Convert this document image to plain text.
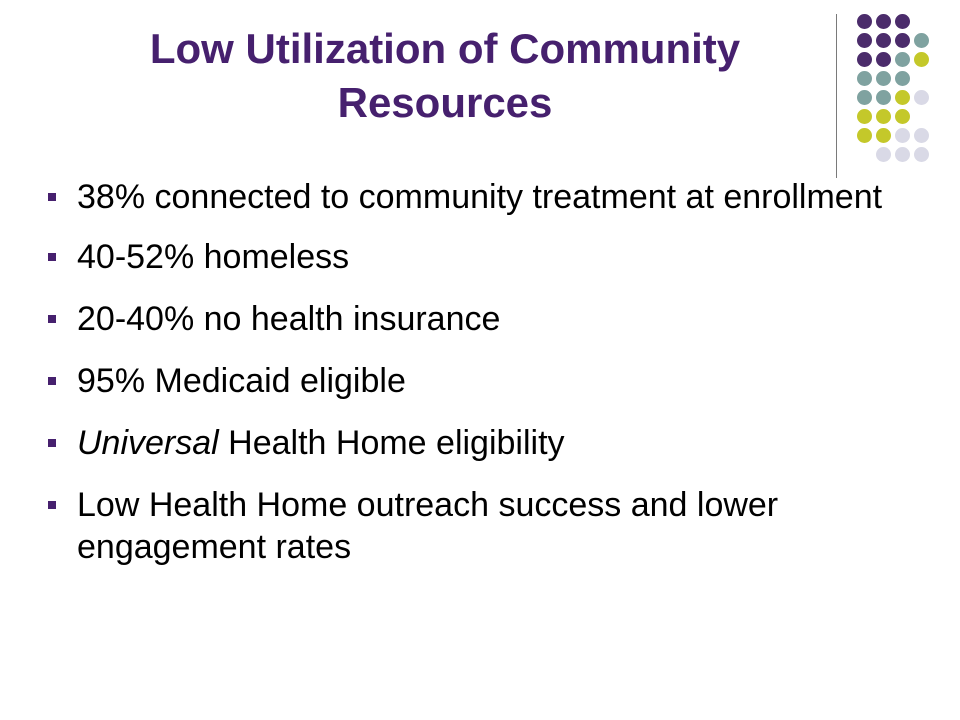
Low Utilization of Community
Resources
38% connected to community treatment at enrollment
40-52% homeless
20-40% no health insurance
95% Medicaid eligible
Universal Health Home eligibility
Low Health Home outreach success and lower engagement rates
